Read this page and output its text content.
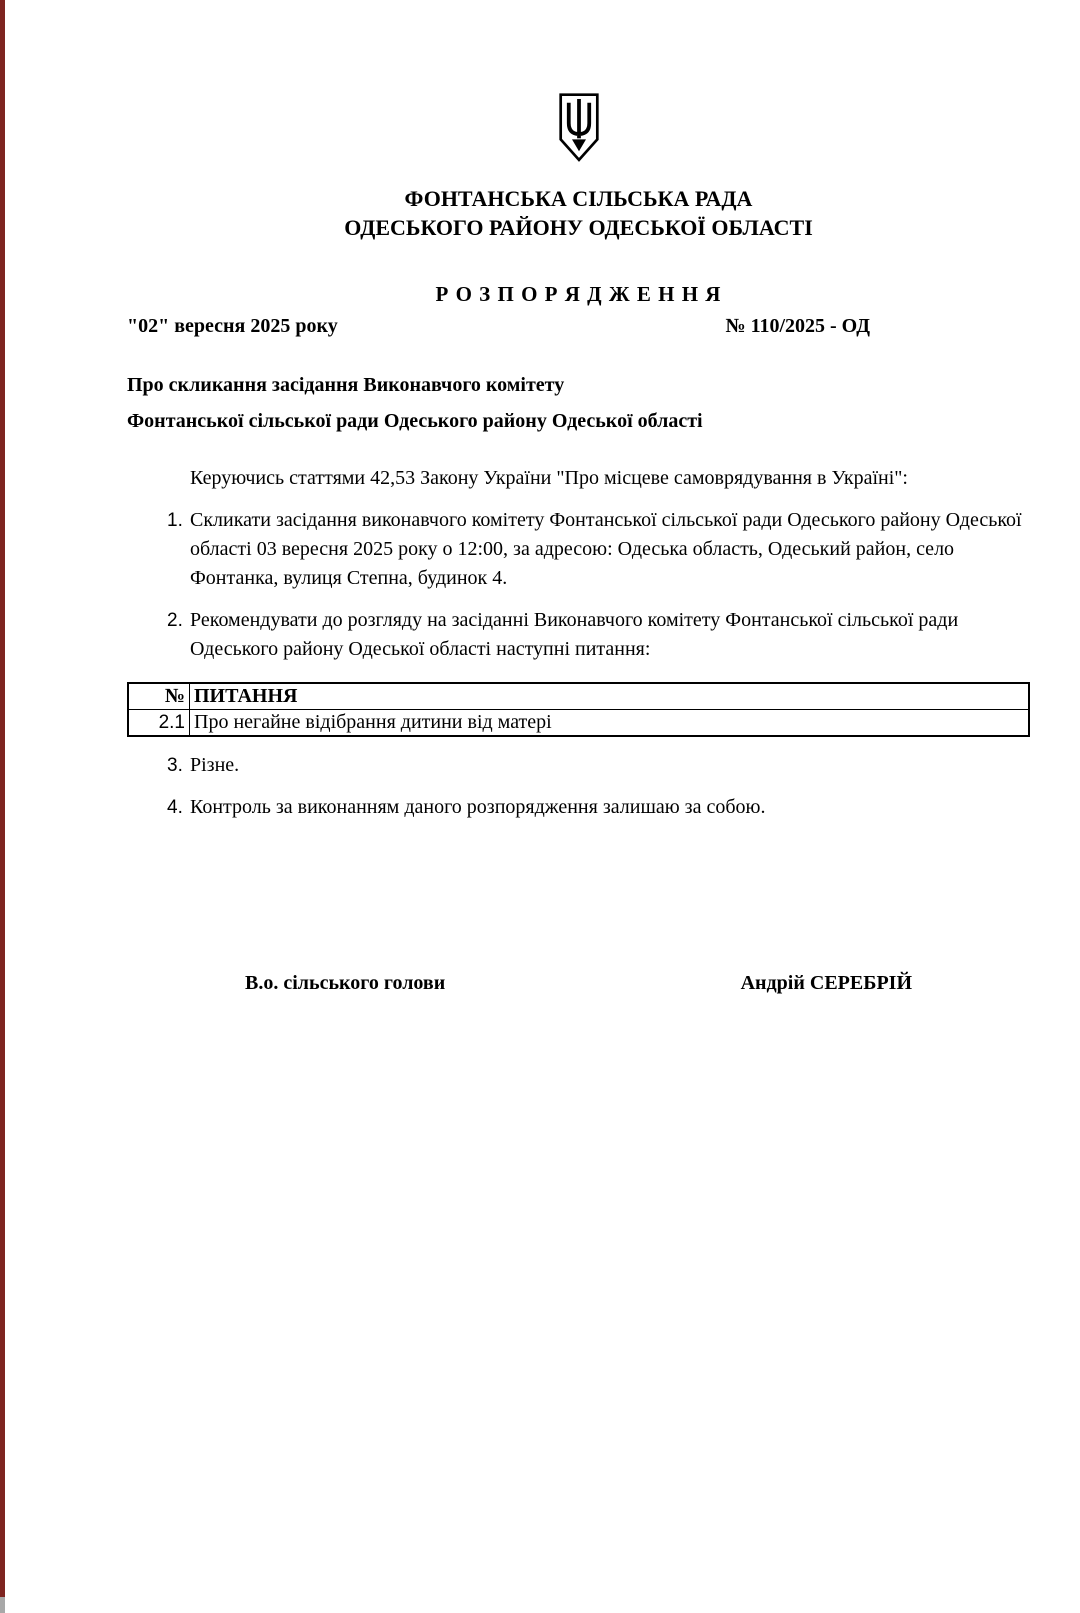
ФОНТАНСЬКА СІЛЬСЬКА РАДА
ОДЕСЬКОГО РАЙОНУ ОДЕСЬКОЇ ОБЛАСТІ
Р О З П О Р Я Д Ж Е Н Н Я
"02" вересня 2025 року	№ 110/2025 - ОД
Про скликання засідання Виконавчого комітету
Фонтанської сільської ради Одеського району Одеської області
Керуючись статтями 42,53 Закону України "Про місцеве самоврядування в Україні":
1. Скликати засідання виконавчого комітету Фонтанської сільської ради Одеського району Одеської області 03 вересня 2025 року о 12:00, за адресою: Одеська область, Одеський район, село Фонтанка, вулиця Степна, будинок 4.
2. Рекомендувати до розгляду на засіданні Виконавчого комітету Фонтанської сільської ради Одеського району Одеської області наступні питання:
№	ПИТАННЯ
2.1	Про негайне відібрання дитини від матері
3. Різне.
4. Контроль за виконанням даного розпорядження залишаю за собою.
В.о. сільського голови	Андрій СЕРЕБРІЙ
